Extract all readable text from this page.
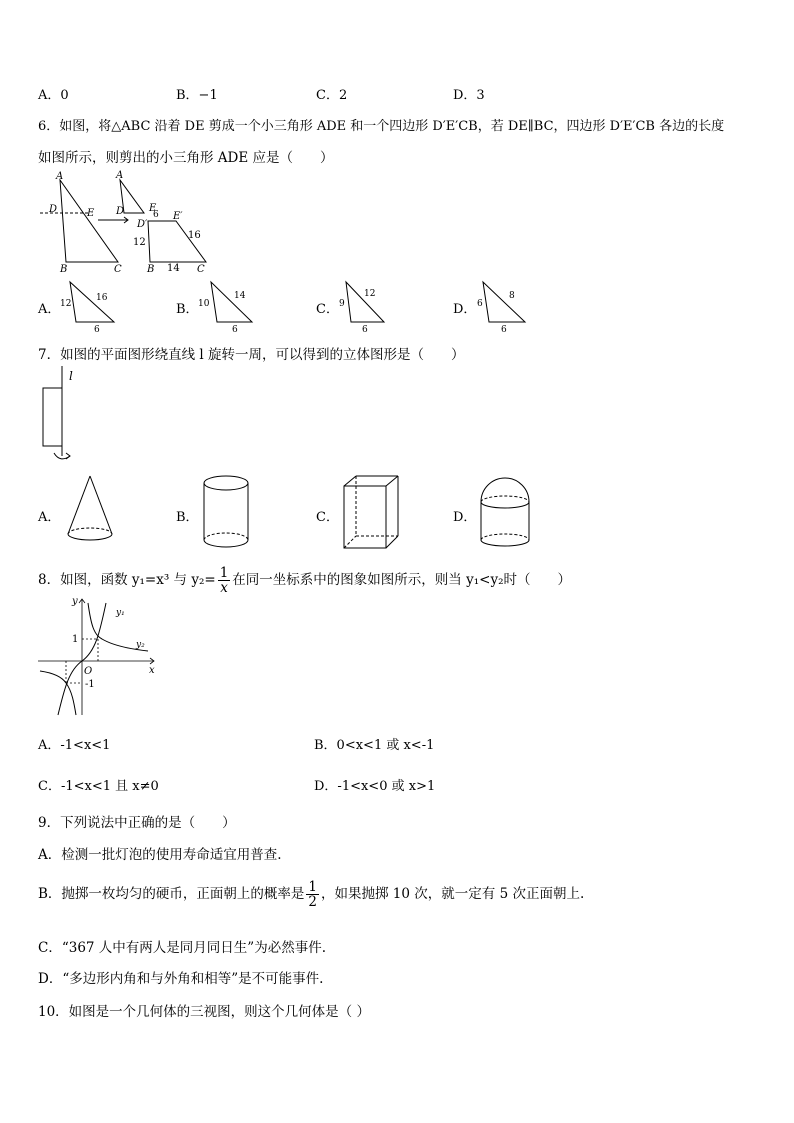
A．0	B．−1	C．2	D．3
6．如图，将△ABC 沿着 DE 剪成一个小三角形 ADE 和一个四边形 D′E′CB，若 DE∥BC，四边形 D′E′CB 各边的长度
如图所示，则剪出的小三角形 ADE 应是（　　）
A
D	E
B	C
A
D E
6
D′
E′
12
16
14
B	C
A． 12
16
6
B． 10
14
6
C． 9
12
6
D． 6
8
6
7．如图的平面图形绕直线 l 旋转一周，可以得到的立体图形是（　　）
l
A．	B．	C．	D．
8．如图，函数 y₁=x³ 与 $y_2= \frac{1}{x}$ 在同一坐标系中的图象如图所示，则当 y₁<y₂时（　　）
y
x
O
1
-1
y₁
y₂
A．-1<x<1	B．0<x<1 或 x<-1
C．-1<x<1 且 x≠0	D．-1<x<0 或 x>1
9．下列说法中正确的是（　　）
A．检测一批灯泡的使用寿命适宜用普查.
B．抛掷一枚均匀的硬币，正面朝上的概率是 $\frac{1}{2}$ ，如果抛掷 10 次，就一定有 5 次正面朝上.
C．“367 人中有两人是同月同日生”为必然事件.
D．“多边形内角和与外角和相等”是不可能事件.
10．如图是一个几何体的三视图，则这个几何体是（ ）
